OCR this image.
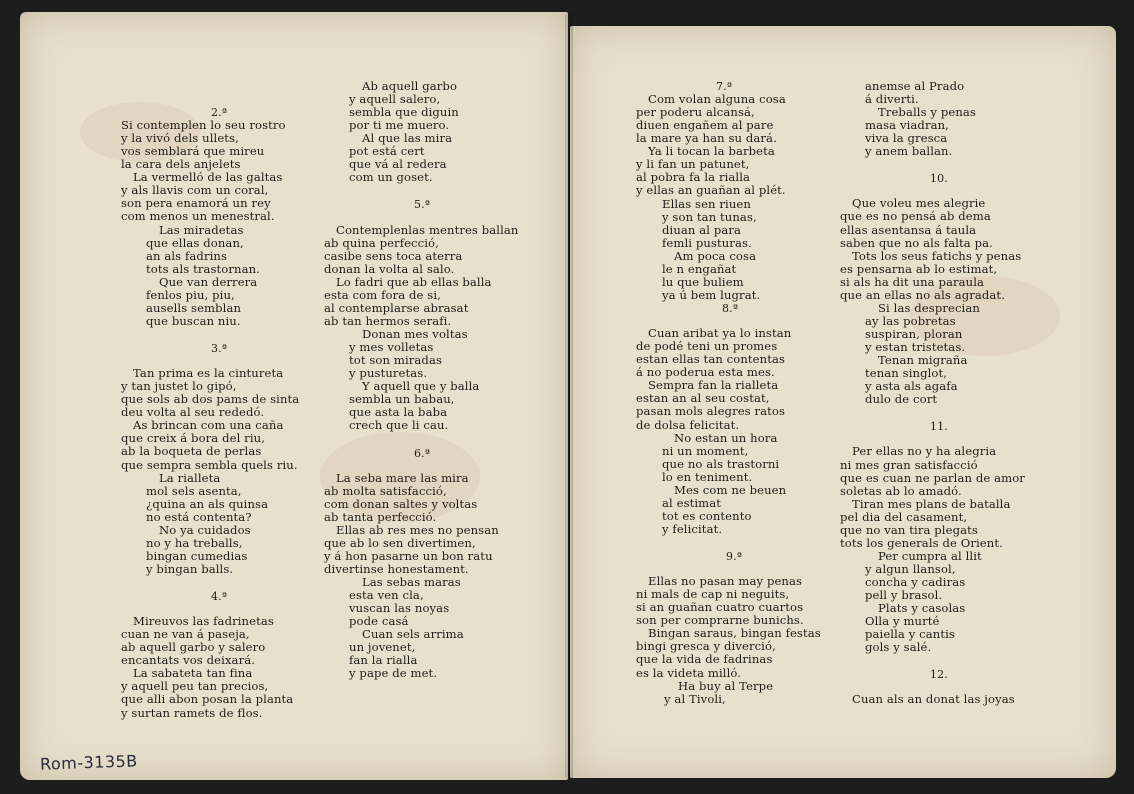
2.ª
Si contemplen lo seu rostro
y la vivó dels ullets,
vos semblará que mireu
la cara dels anjelets
La vermelló de las galtas
y als llavis com un coral,
son pera enamorá un rey
com menos un menestral.
Las miradetas
que ellas donan,
an als fadrins
tots als trastornan.
Que van derrera
fenlos piu, piu,
ausells semblan
que buscan niu.
3.ª
Tan prima es la cintureta
y tan justet lo gipó,
que sols ab dos pams de sinta
deu volta al seu rededó.
As brincan com una caña
que creix á bora del riu,
ab la boqueta de perlas
que sempra sembla quels riu.
La rialleta
mol sels asenta,
¿quina an als quinsa
no está contenta?
No ya cuidados
no y ha treballs,
bingan cumedias
y bingan balls.
4.ª
Mireuvos las fadrinetas
cuan ne van á paseja,
ab aquell garbo y salero
encantats vos deixará.
La sabateta tan fina
y aquell peu tan precios,
que alli abon posan la planta
y surtan ramets de flos.
Ab aquell garbo
y aquell salero,
sembla que diguin
por ti me muero.
Al que las mira
pot está cert
que vá al redera
com un goset.
5.ª
Contemplenlas mentres ballan
ab quina perfecció,
casibe sens toca aterra
donan la volta al salo.
Lo fadri que ab ellas balla
esta com fora de si,
al contemplarse abrasat
ab tan hermos serafi.
Donan mes voltas
y mes volletas
tot son miradas
y pusturetas.
Y aquell que y balla
sembla un babau,
que asta la baba
crech que li cau.
6.ª
La seba mare las mira
ab molta satisfacció,
com donan saltes y voltas
ab tanta perfecció.
Ellas ab res mes no pensan
que ab lo sen divertimen,
y á hon pasarne un bon ratu
divertinse honestament.
Las sebas maras
esta ven cla,
vuscan las noyas
pode casá
Cuan sels arrima
un jovenet,
fan la rialla
y pape de met.
7.ª
Com volan alguna cosa
per poderu alcansá,
diuen engañem al pare
la mare ya han su dará.
Ya li tocan la barbeta
y li fan un patunet,
al pobra fa la rialla
y ellas an guañan al plét.
Ellas sen riuen
y son tan tunas,
diuan al para
femli pusturas.
Am poca cosa
le n engañat
lu que buliem
ya ú bem lugrat.
8.ª
Cuan aribat ya lo instan
de podé teni un promes
estan ellas tan contentas
á no poderua esta mes.
Sempra fan la rialleta
estan an al seu costat,
pasan mols alegres ratos
de dolsa felicitat.
No estan un hora
ni un moment,
que no als trastorni
lo en teniment.
Mes com ne beuen
al estimat
tot es contento
y felicitat.
9.ª
Ellas no pasan may penas
ni mals de cap ni neguits,
si an guañan cuatro cuartos
son per comprarne bunichs.
Bingan saraus, bingan festas
bingi gresca y diverció,
que la vida de fadrinas
es la videta milló.
Ha buy al Terpe
y al Tivoli,
anemse al Prado
á diverti.
Treballs y penas
masa viadran,
viva la gresca
y anem ballan.
10.
Que voleu mes alegrie
que es no pensá ab dema
ellas asentansa á taula
saben que no als falta pa.
Tots los seus fatichs y penas
es pensarna ab lo estimat,
si als ha dit una paraula
que an ellas no als agradat.
Si las desprecian
ay las pobretas
suspiran, ploran
y estan tristetas.
Tenan migraña
tenan singlot,
y asta als agafa
dulo de cort
11.
Per ellas no y ha alegria
ni mes gran satisfacció
que es cuan ne parlan de amor
soletas ab lo amadó.
Tiran mes plans de batalla
pel dia del casament,
que no van tira plegats
tots los generals de Orient.
Per cumpra al llit
y algun llansol,
concha y cadiras
pell y brasol.
Plats y casolas
Olla y murté
paiella y cantis
gols y salé.
12.
Cuan als an donat las joyas
Rom-3135B
